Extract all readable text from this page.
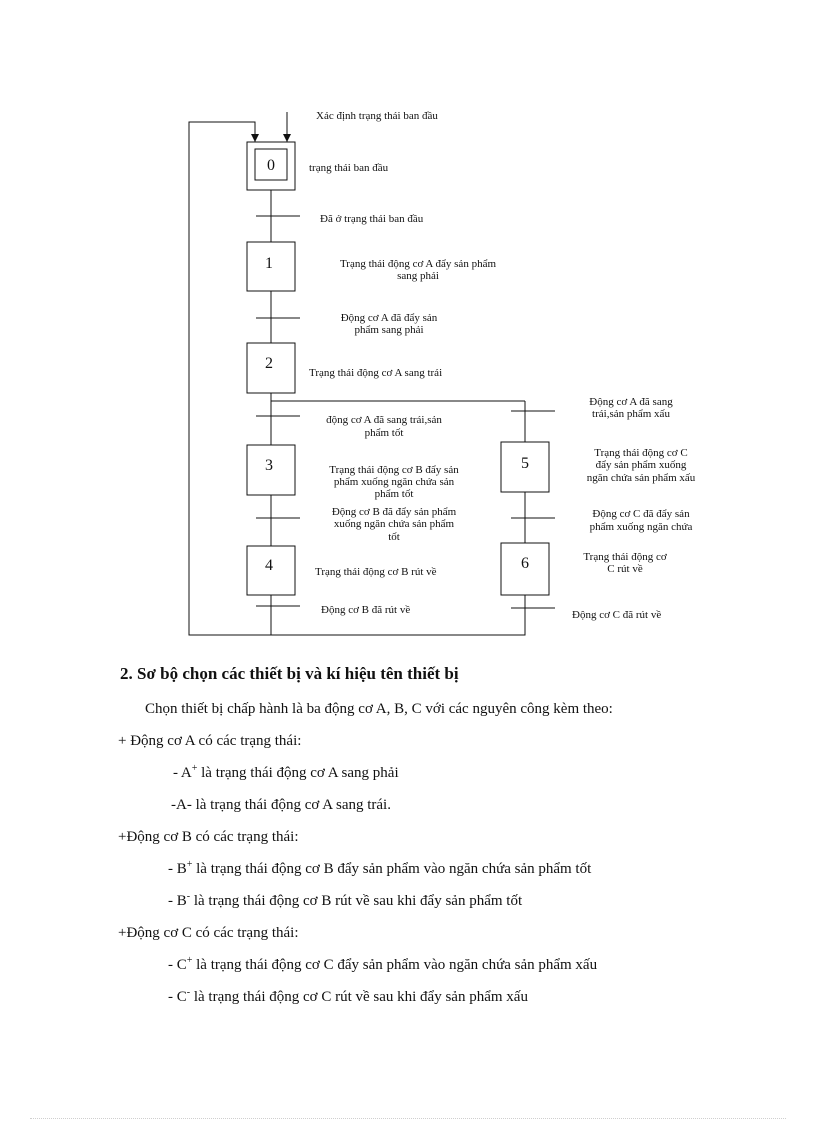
0
1
2
3	5
4	6
Xác định trạng thái ban đầu
trạng thái ban đầu
Đã ở trạng thái ban đầu
Trạng thái động cơ A đẩy sản phẩm
sang phải
Động cơ A đã đẩy sản
phẩm sang phải
Trạng thái động cơ A sang trái
động cơ A đã sang trái,sản
phẩm tốt
Động cơ A đã sang
trái,sản phẩm xấu
Trạng thái động cơ B đẩy sản
phẩm xuống ngăn chứa sản
phẩm tốt
Trạng thái động cơ C
đẩy sản phẩm xuống
ngăn chứa sản phẩm xấu
Động cơ B đã đẩy sản phẩm
xuống ngăn chứa sản phẩm
tốt
Động cơ C đã đẩy sản
phẩm xuống ngăn chứa
Trạng thái động cơ B rút về
Trạng thái động cơ
C rút về
Động cơ B đã rút về	Động cơ C đã rút về
2. Sơ bộ chọn các thiết bị và kí hiệu tên thiết bị

Chọn thiết bị chấp hành là ba động cơ A, B, C với các nguyên công kèm theo:

+ Động cơ A có các trạng thái:

- A+ là trạng thái động cơ A sang phải

-A- là trạng thái động cơ A sang trái.

+Động cơ B có các trạng thái:

- B+ là trạng thái động cơ B đẩy sản phẩm vào ngăn chứa sản phẩm tốt

- B- là trạng thái động cơ B rút về sau khi đẩy sản phẩm tốt

+Động cơ C có các trạng thái:

- C+ là trạng thái động cơ C đẩy sản phẩm vào ngăn chứa sản phẩm xấu

- C- là trạng thái động cơ C rút về sau khi đẩy sản phẩm xấu
